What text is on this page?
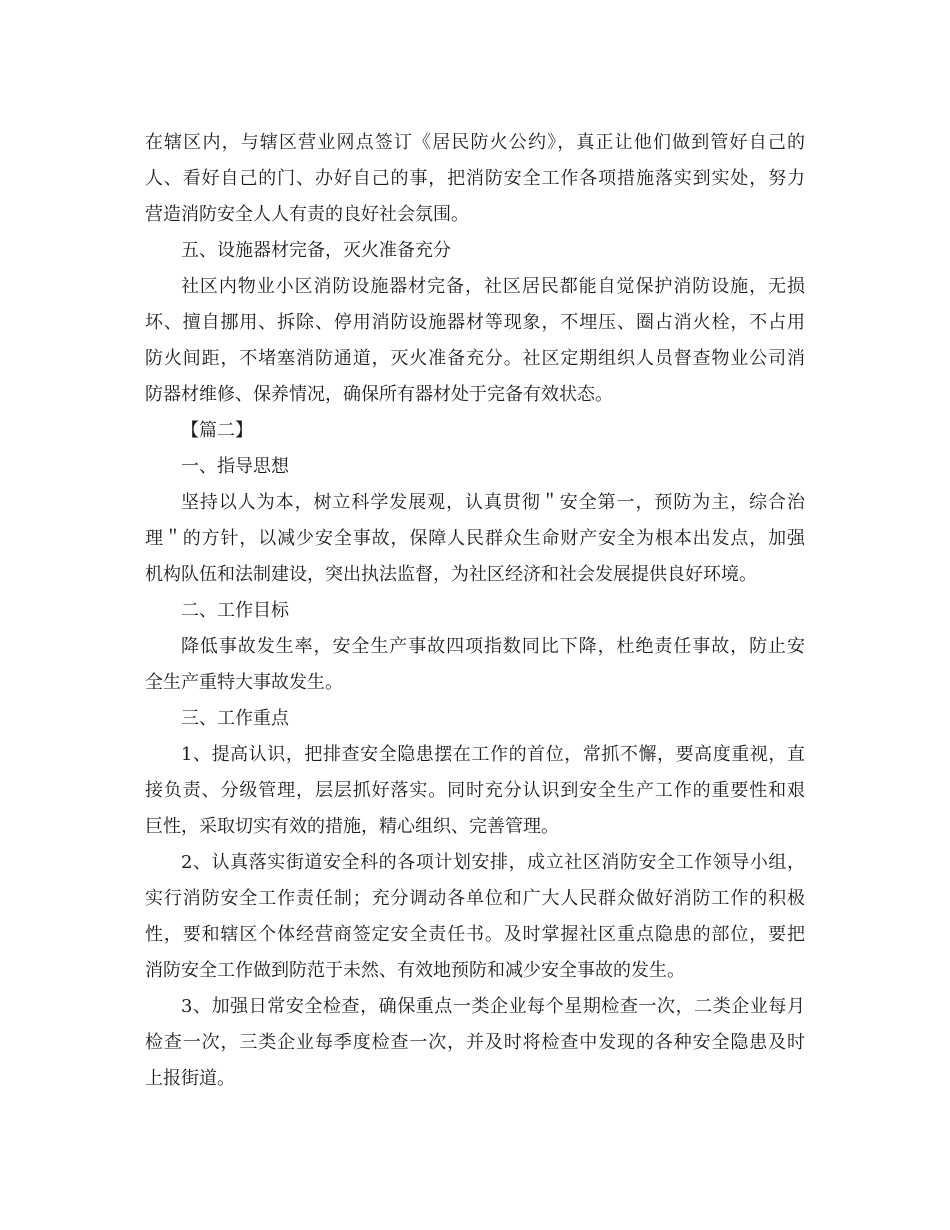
在辖区内，与辖区营业网点签订《居民防火公约》，真正让他们做到管好自己的
人、看好自己的门、办好自己的事，把消防安全工作各项措施落实到实处，努力
营造消防安全人人有责的良好社会氛围。
五、设施器材完备，灭火准备充分
社区内物业小区消防设施器材完备，社区居民都能自觉保护消防设施，无损
坏、擅自挪用、拆除、停用消防设施器材等现象，不埋压、圈占消火栓，不占用
防火间距，不堵塞消防通道，灭火准备充分。社区定期组织人员督查物业公司消
防器材维修、保养情况，确保所有器材处于完备有效状态。
【篇二】
一、指导思想
坚持以人为本，树立科学发展观，认真贯彻＂安全第一，预防为主，综合治
理＂的方针，以减少安全事故，保障人民群众生命财产安全为根本出发点，加强
机构队伍和法制建设，突出执法监督，为社区经济和社会发展提供良好环境。
二、工作目标
降低事故发生率，安全生产事故四项指数同比下降，杜绝责任事故，防止安
全生产重特大事故发生。
三、工作重点
1、提高认识，把排查安全隐患摆在工作的首位，常抓不懈，要高度重视，直
接负责、分级管理，层层抓好落实。同时充分认识到安全生产工作的重要性和艰
巨性，采取切实有效的措施，精心组织、完善管理。
2、认真落实街道安全科的各项计划安排，成立社区消防安全工作领导小组，
实行消防安全工作责任制；充分调动各单位和广大人民群众做好消防工作的积极
性，要和辖区个体经营商签定安全责任书。及时掌握社区重点隐患的部位，要把
消防安全工作做到防范于未然、有效地预防和减少安全事故的发生。
3、加强日常安全检查，确保重点一类企业每个星期检查一次，二类企业每月
检查一次，三类企业每季度检查一次，并及时将检查中发现的各种安全隐患及时
上报街道。
